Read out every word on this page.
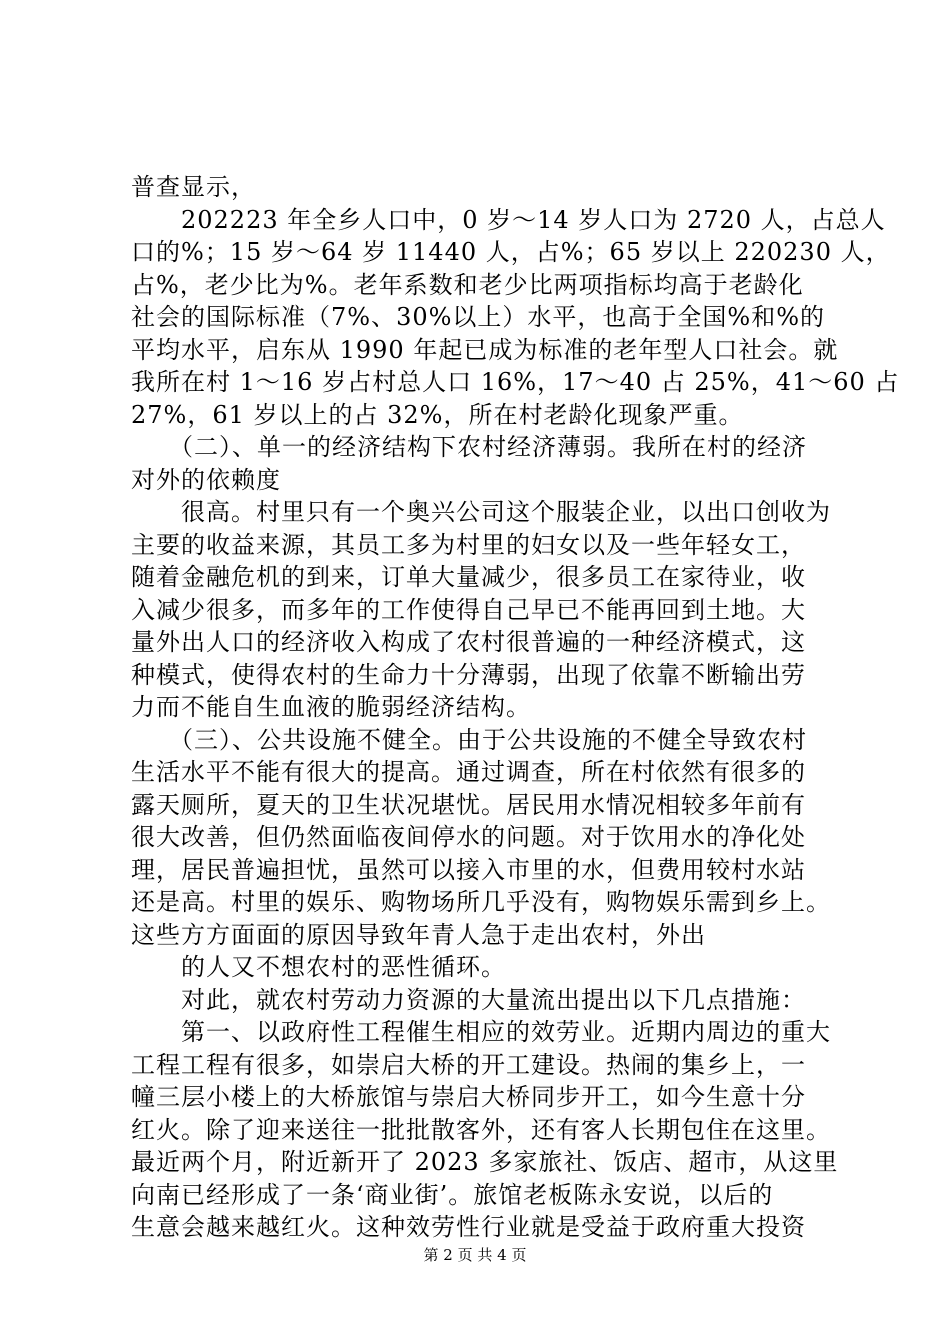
普查显示，
　　202223 年全乡人口中，0 岁～14 岁人口为 2720 人，占总人
口的%；15 岁～64 岁 11440 人，占%；65 岁以上 220230 人，
占%，老少比为%。老年系数和老少比两项指标均高于老龄化
社会的国际标准（7%、30%以上）水平，也高于全国%和%的
平均水平，启东从 1990 年起已成为标准的老年型人口社会。就
我所在村 1～16 岁占村总人口 16%，17～40 占 25%，41～60 占
27%，61 岁以上的占 32%，所在村老龄化现象严重。
　　（二）、单一的经济结构下农村经济薄弱。我所在村的经济
对外的依赖度
　　很高。村里只有一个奥兴公司这个服装企业，以出口创收为
主要的收益来源，其员工多为村里的妇女以及一些年轻女工，
随着金融危机的到来，订单大量减少，很多员工在家待业，收
入减少很多，而多年的工作使得自己早已不能再回到土地。大
量外出人口的经济收入构成了农村很普遍的一种经济模式，这
种模式，使得农村的生命力十分薄弱，出现了依靠不断输出劳
力而不能自生血液的脆弱经济结构。
　　（三）、公共设施不健全。由于公共设施的不健全导致农村
生活水平不能有很大的提高。通过调查，所在村依然有很多的
露天厕所，夏天的卫生状况堪忧。居民用水情况相较多年前有
很大改善，但仍然面临夜间停水的问题。对于饮用水的净化处
理，居民普遍担忧，虽然可以接入市里的水，但费用较村水站
还是高。村里的娱乐、购物场所几乎没有，购物娱乐需到乡上。
这些方方面面的原因导致年青人急于走出农村，外出
　　的人又不想农村的恶性循环。
　　对此，就农村劳动力资源的大量流出提出以下几点措施：
　　第一、以政府性工程催生相应的效劳业。近期内周边的重大
工程工程有很多，如崇启大桥的开工建设。热闹的集乡上，一
幢三层小楼上的大桥旅馆与崇启大桥同步开工，如今生意十分
红火。除了迎来送往一批批散客外，还有客人长期包住在这里。
最近两个月，附近新开了 2023 多家旅社、饭店、超市，从这里
向南已经形成了一条‘商业街’。旅馆老板陈永安说，以后的
生意会越来越红火。这种效劳性行业就是受益于政府重大投资
第 2 页 共 4 页
